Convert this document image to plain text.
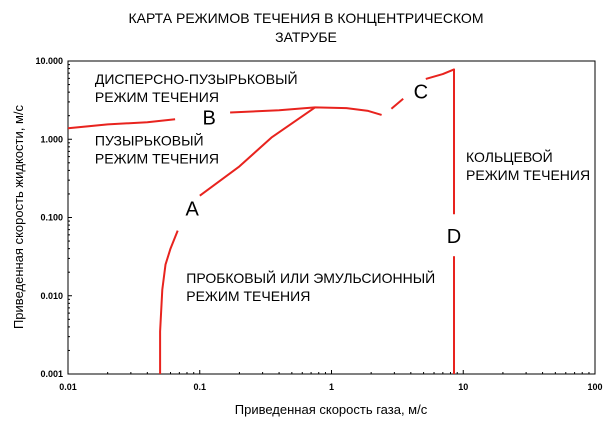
КАРТА РЕЖИМОВ ТЕЧЕНИЯ В КОНЦЕНТРИЧЕСКОМ
ЗАТРУБЕ
0.01	0.1	1	10	100
0.001
0.010
0.100
1.000
10.000
ДИСПЕРСНО-ПУЗЫРЬКОВЫЙ
РЕЖИМ ТЕЧЕНИЯ
ПУЗЫРЬКОВЫЙ
РЕЖИМ ТЕЧЕНИЯ	КОЛЬЦЕВОЙ
РЕЖИМ ТЕЧЕНИЯ
ПРОБКОВЫЙ ИЛИ ЭМУЛЬСИОННЫЙ
РЕЖИМ ТЕЧЕНИЯ
B
C
A
D
Приведенная скорость газа, м/с
Приведенная скорость жидкости, м/с
